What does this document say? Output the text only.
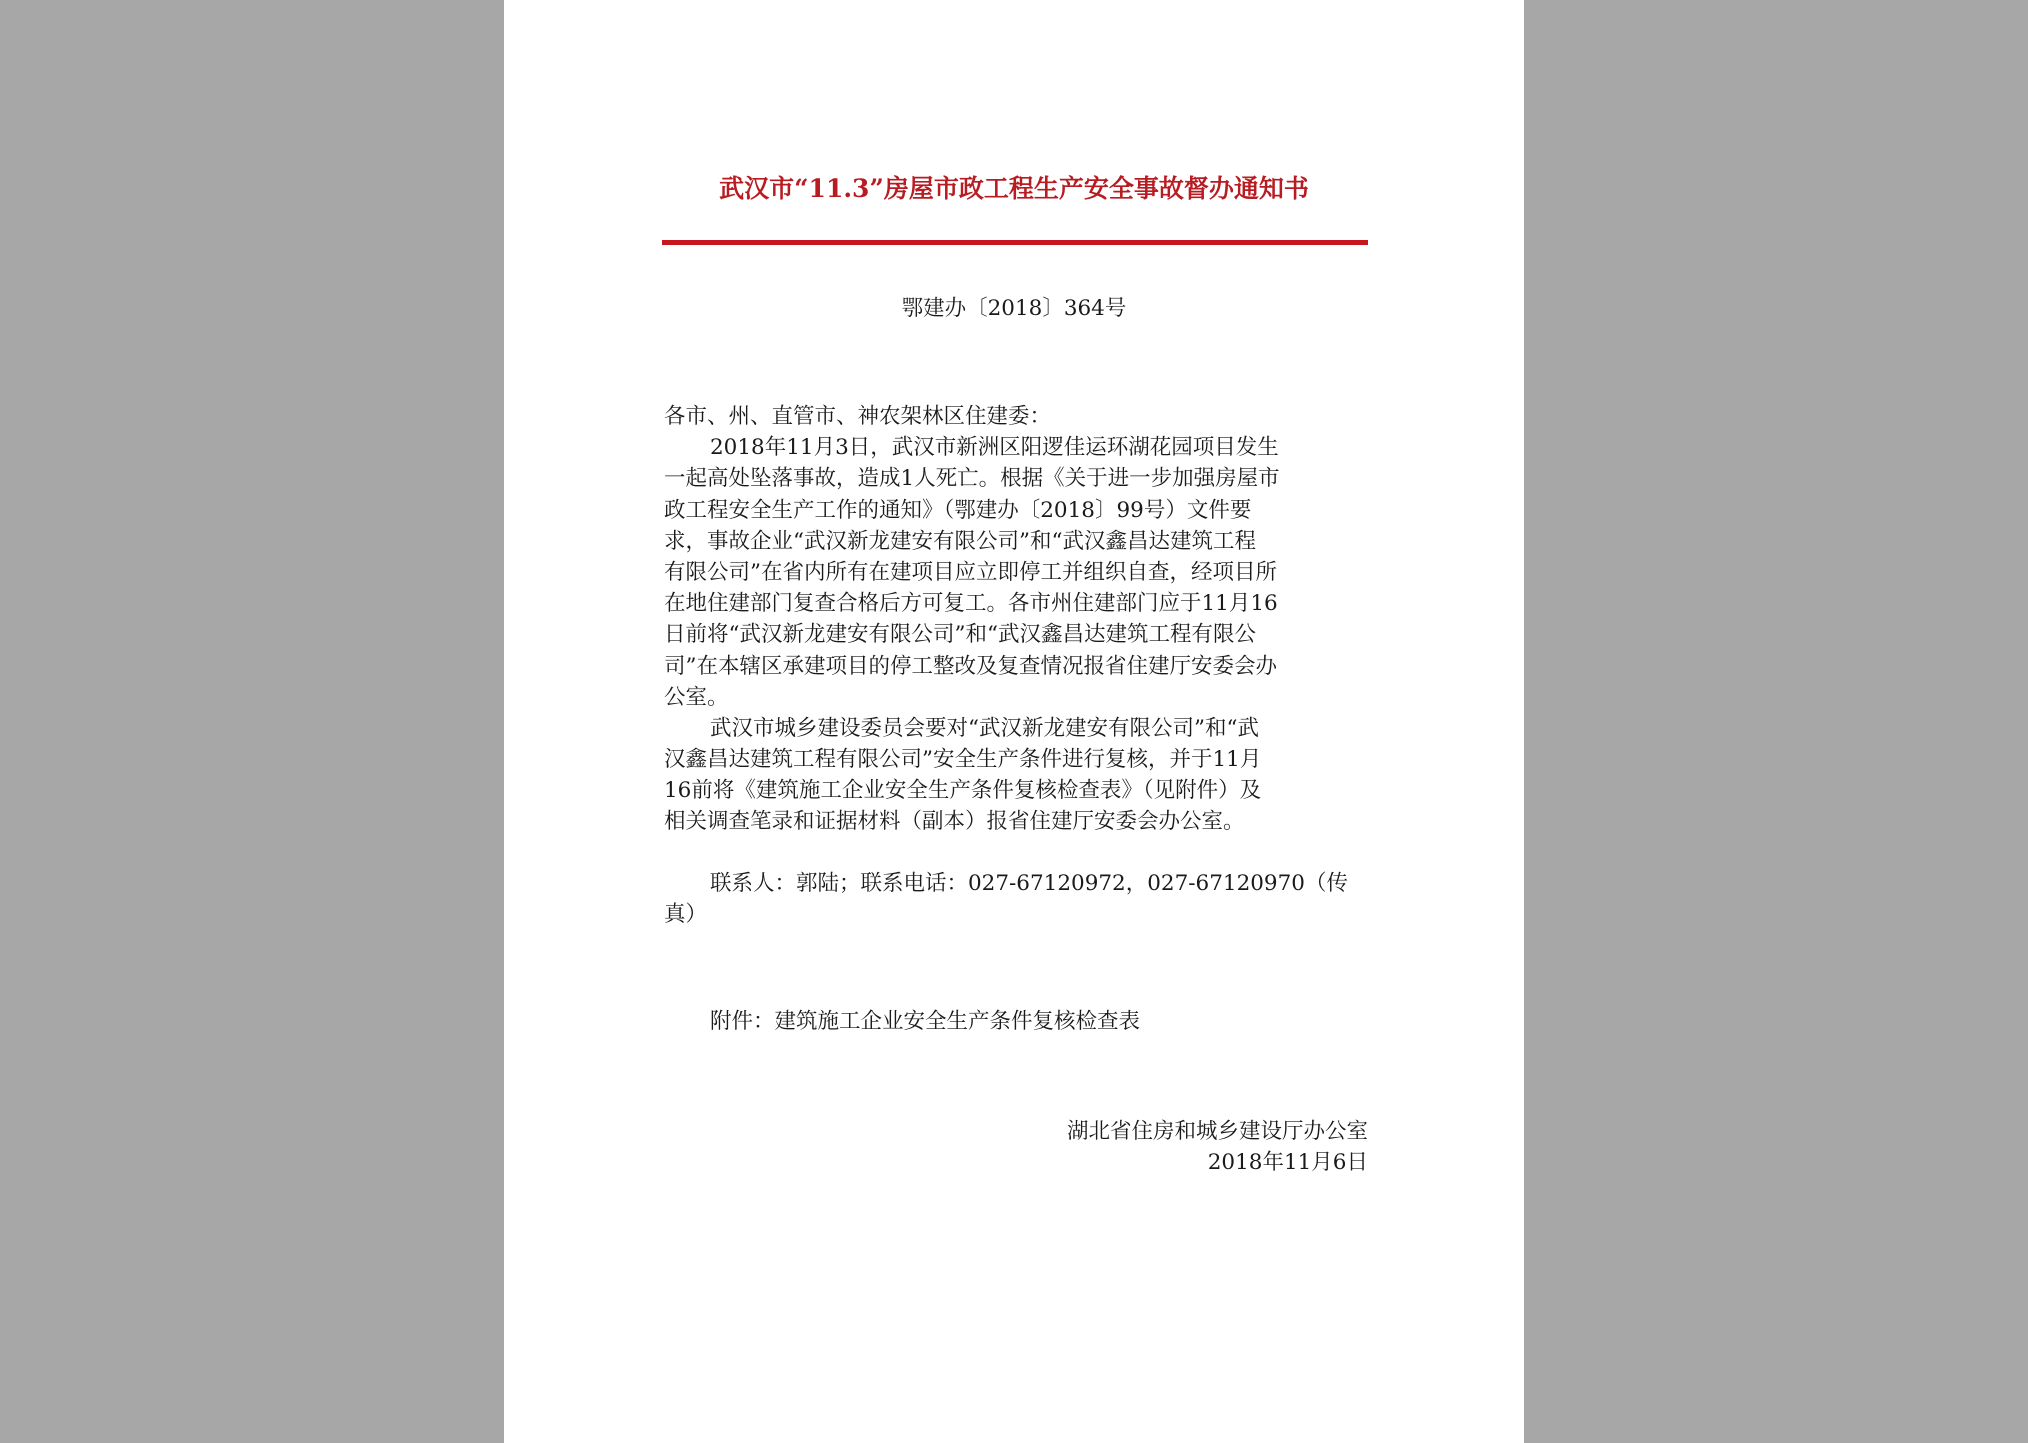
武汉市“11.3”房屋市政工程生产安全事故督办通知书
鄂建办〔2018〕364号
各市、州、直管市、神农架林区住建委：
2018年11月3日，武汉市新洲区阳逻佳运环湖花园项目发生
一起高处坠落事故，造成1人死亡。根据《关于进一步加强房屋市
政工程安全生产工作的通知》（鄂建办〔2018〕99号）文件要
求，事故企业“武汉新龙建安有限公司”和“武汉鑫昌达建筑工程
有限公司”在省内所有在建项目应立即停工并组织自查，经项目所
在地住建部门复查合格后方可复工。各市州住建部门应于11月16
日前将“武汉新龙建安有限公司”和“武汉鑫昌达建筑工程有限公
司”在本辖区承建项目的停工整改及复查情况报省住建厅安委会办
公室。
武汉市城乡建设委员会要对“武汉新龙建安有限公司”和“武
汉鑫昌达建筑工程有限公司”安全生产条件进行复核，并于11月
16前将《建筑施工企业安全生产条件复核检查表》（见附件）及
相关调查笔录和证据材料（副本）报省住建厅安委会办公室。
联系人：郭陆；联系电话：027-67120972，027-67120970（传
真）
附件：建筑施工企业安全生产条件复核检查表
湖北省住房和城乡建设厅办公室
2018年11月6日
